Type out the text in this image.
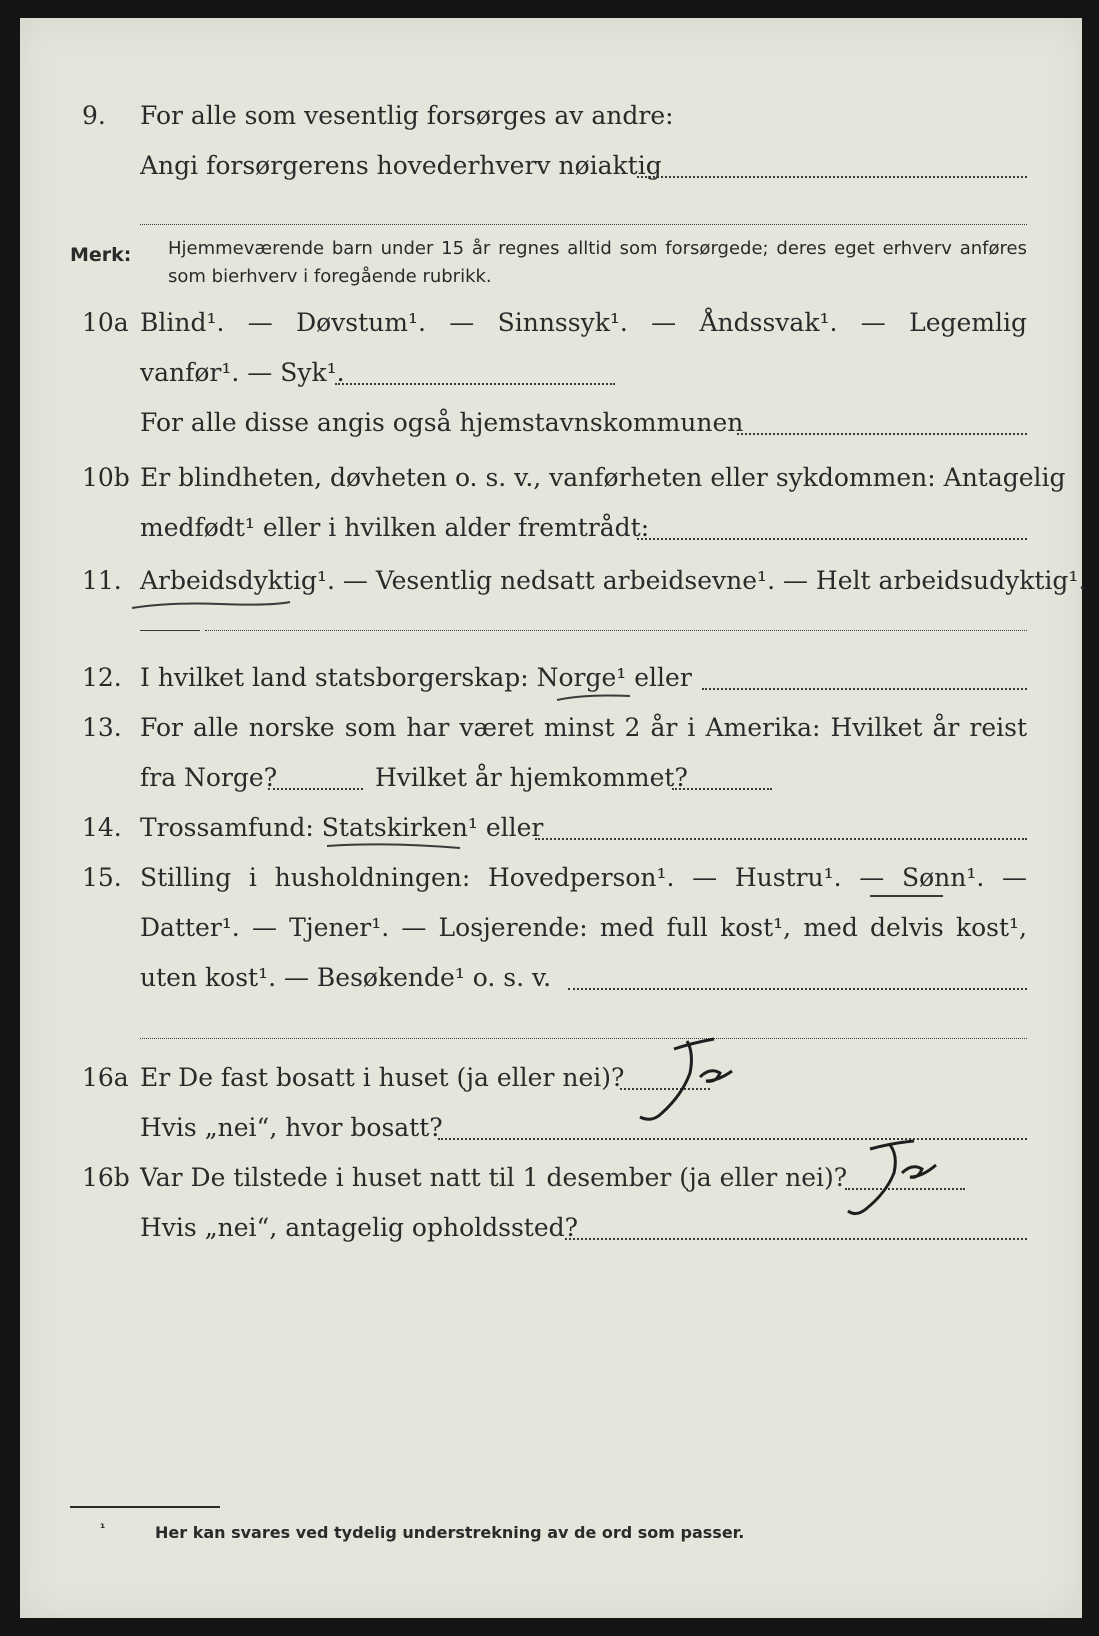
9. For alle som vesentlig forsørges av andre:
Angi forsørgerens hovederhverv nøiaktig
Merk: Hjemmeværende barn under 15 år regnes alltid som forsørgede; deres eget erhverv anføres som bierhverv i foregående rubrikk.
10a Blind¹. — Døvstum¹. — Sinnssyk¹. — Åndssvak¹. — Legemlig
vanfør¹. — Syk¹.
For alle disse angis også hjemstavnskommunen
10b Er blindheten, døvheten o. s. v., vanførheten eller sykdommen: Antagelig
medfødt¹ eller i hvilken alder fremtrådt:
11. Arbeidsdyktig¹. — Vesentlig nedsatt arbeidsevne¹. — Helt arbeidsudyktig¹.
12. I hvilket land statsborgerskap: Norge¹ eller
13. For alle norske som har været minst 2 år i Amerika: Hvilket år reist
fra Norge?	Hvilket år hjemkommet?
14. Trossamfund: Statskirken¹ eller
15. Stilling i husholdningen: Hovedperson¹. — Hustru¹. — Sønn¹. —
Datter¹. — Tjener¹. — Losjerende: med full kost¹, med delvis kost¹,
uten kost¹. — Besøkende¹ o. s. v.
16a Er De fast bosatt i huset (ja eller nei)?
Hvis „nei“, hvor bosatt?
16b Var De tilstede i huset natt til 1 desember (ja eller nei)?
Hvis „nei“, antagelig opholdssted?
¹	Her kan svares ved tydelig understrekning av de ord som passer.
